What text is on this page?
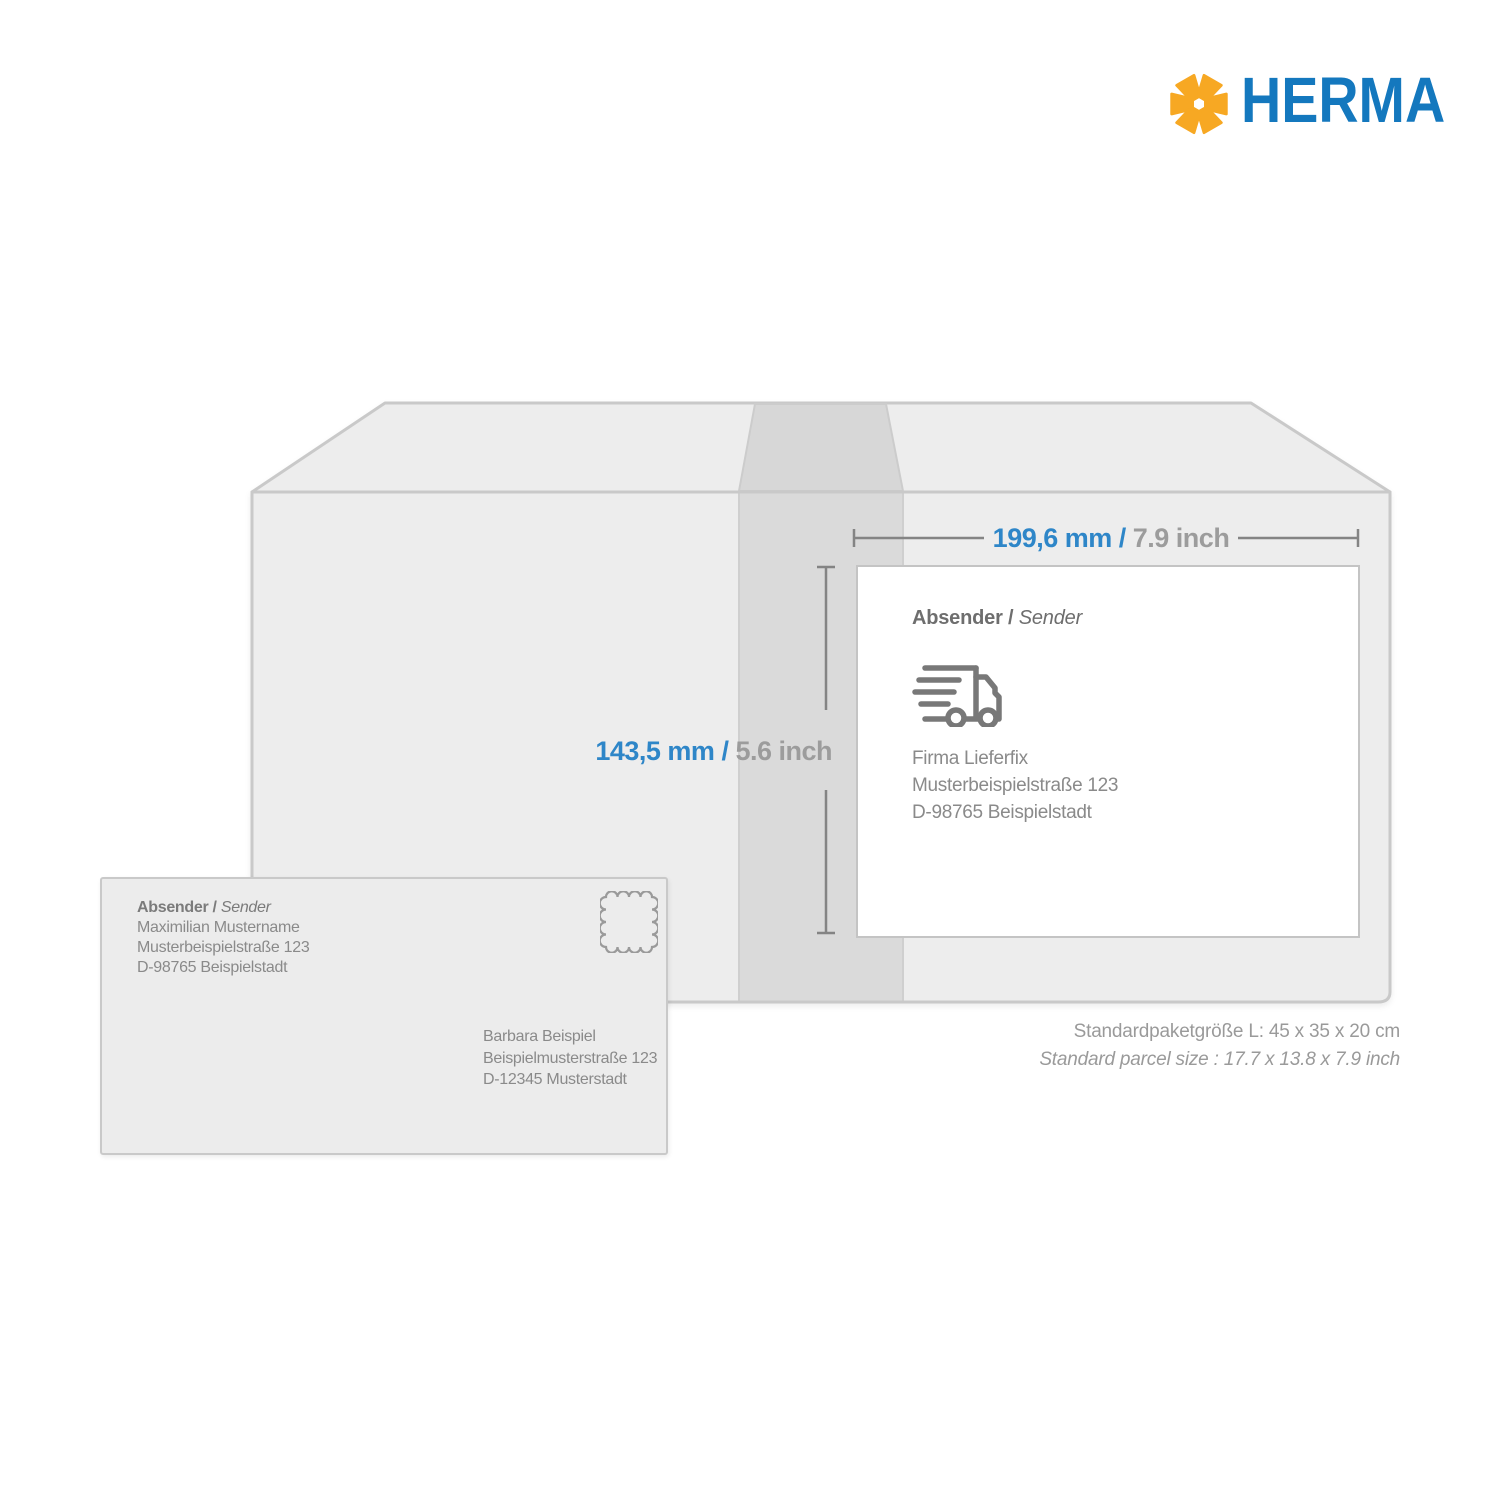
HERMA
199,6 mm / 7.9 inch
143,5 mm / 5.6 inch
Absender / Sender
Firma Lieferfix
Musterbeispielstraße 123
D-98765 Beispielstadt
Absender / Sender
Maximilian Mustername
Musterbeispielstraße 123
D-98765 Beispielstadt
Barbara Beispiel
Beispielmusterstraße 123
D-12345 Musterstadt
Standardpaketgröße L: 45 x 35 x 20 cm
Standard parcel size : 17.7 x 13.8 x 7.9 inch
